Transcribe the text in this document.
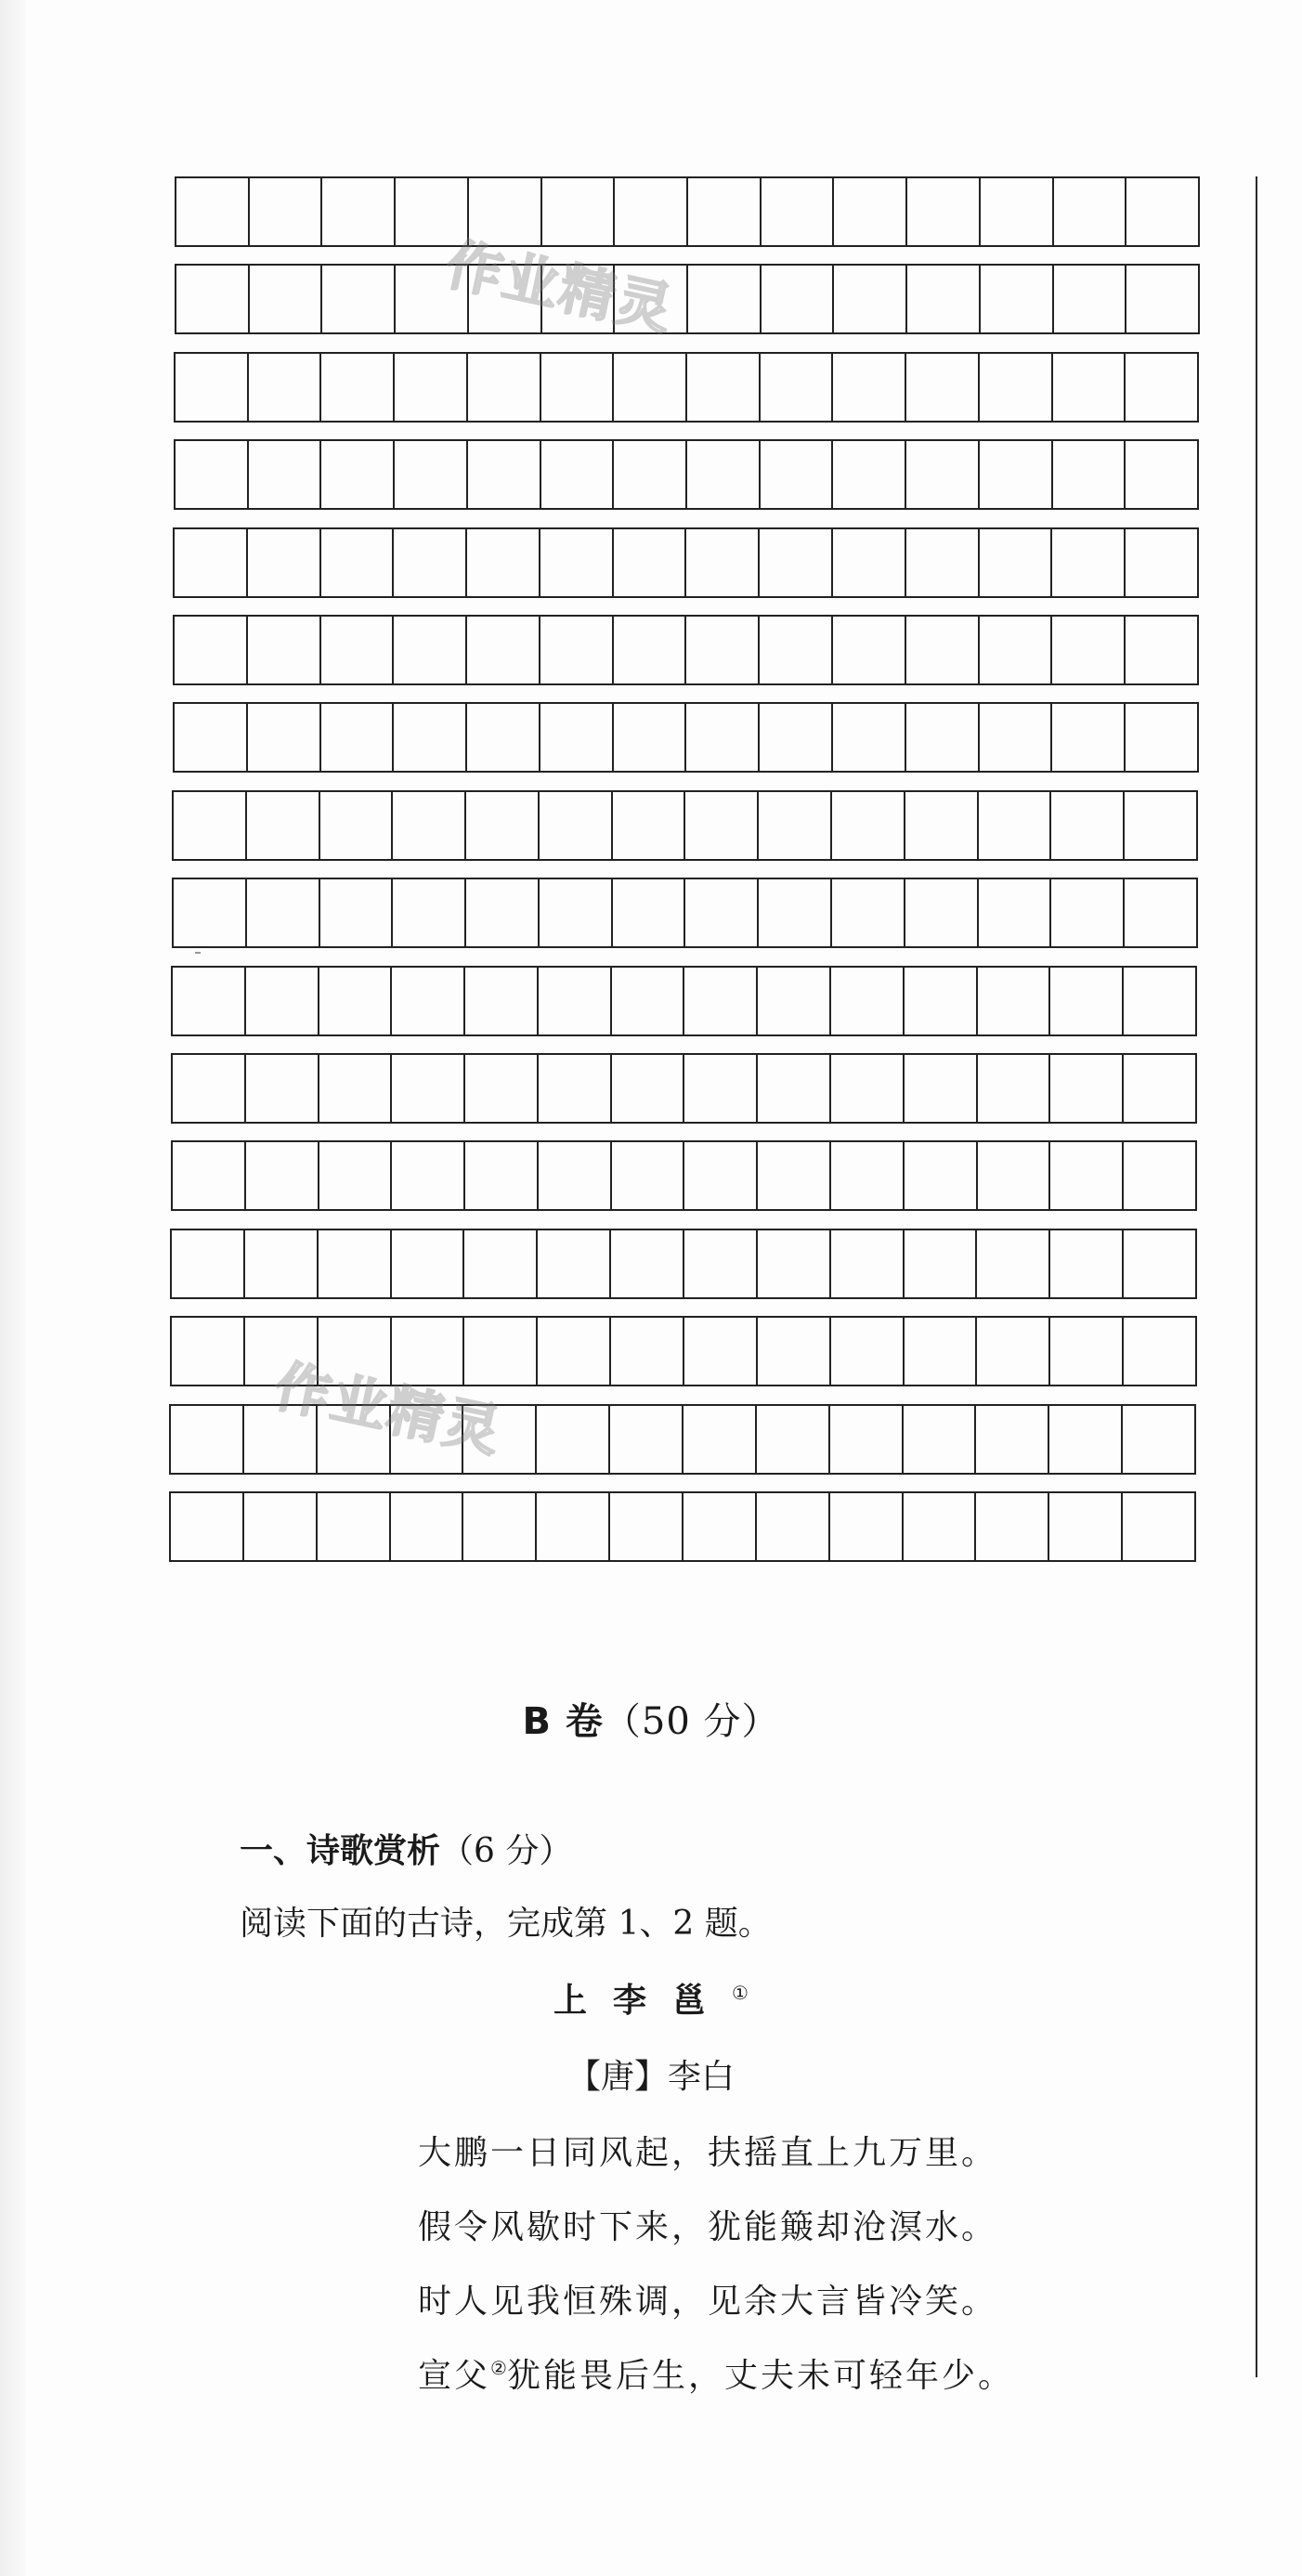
作业精灵
作业精灵
B 卷（50 分）
一、诗歌赏析（6 分）
阅读下面的古诗，完成第 1、2 题。
上李邕①
【唐】李白
大鹏一日同风起，扶摇直上九万里。
假令风歇时下来，犹能簸却沧溟水。
时人见我恒殊调，见余大言皆冷笑。
宣父②犹能畏后生，丈夫未可轻年少。
